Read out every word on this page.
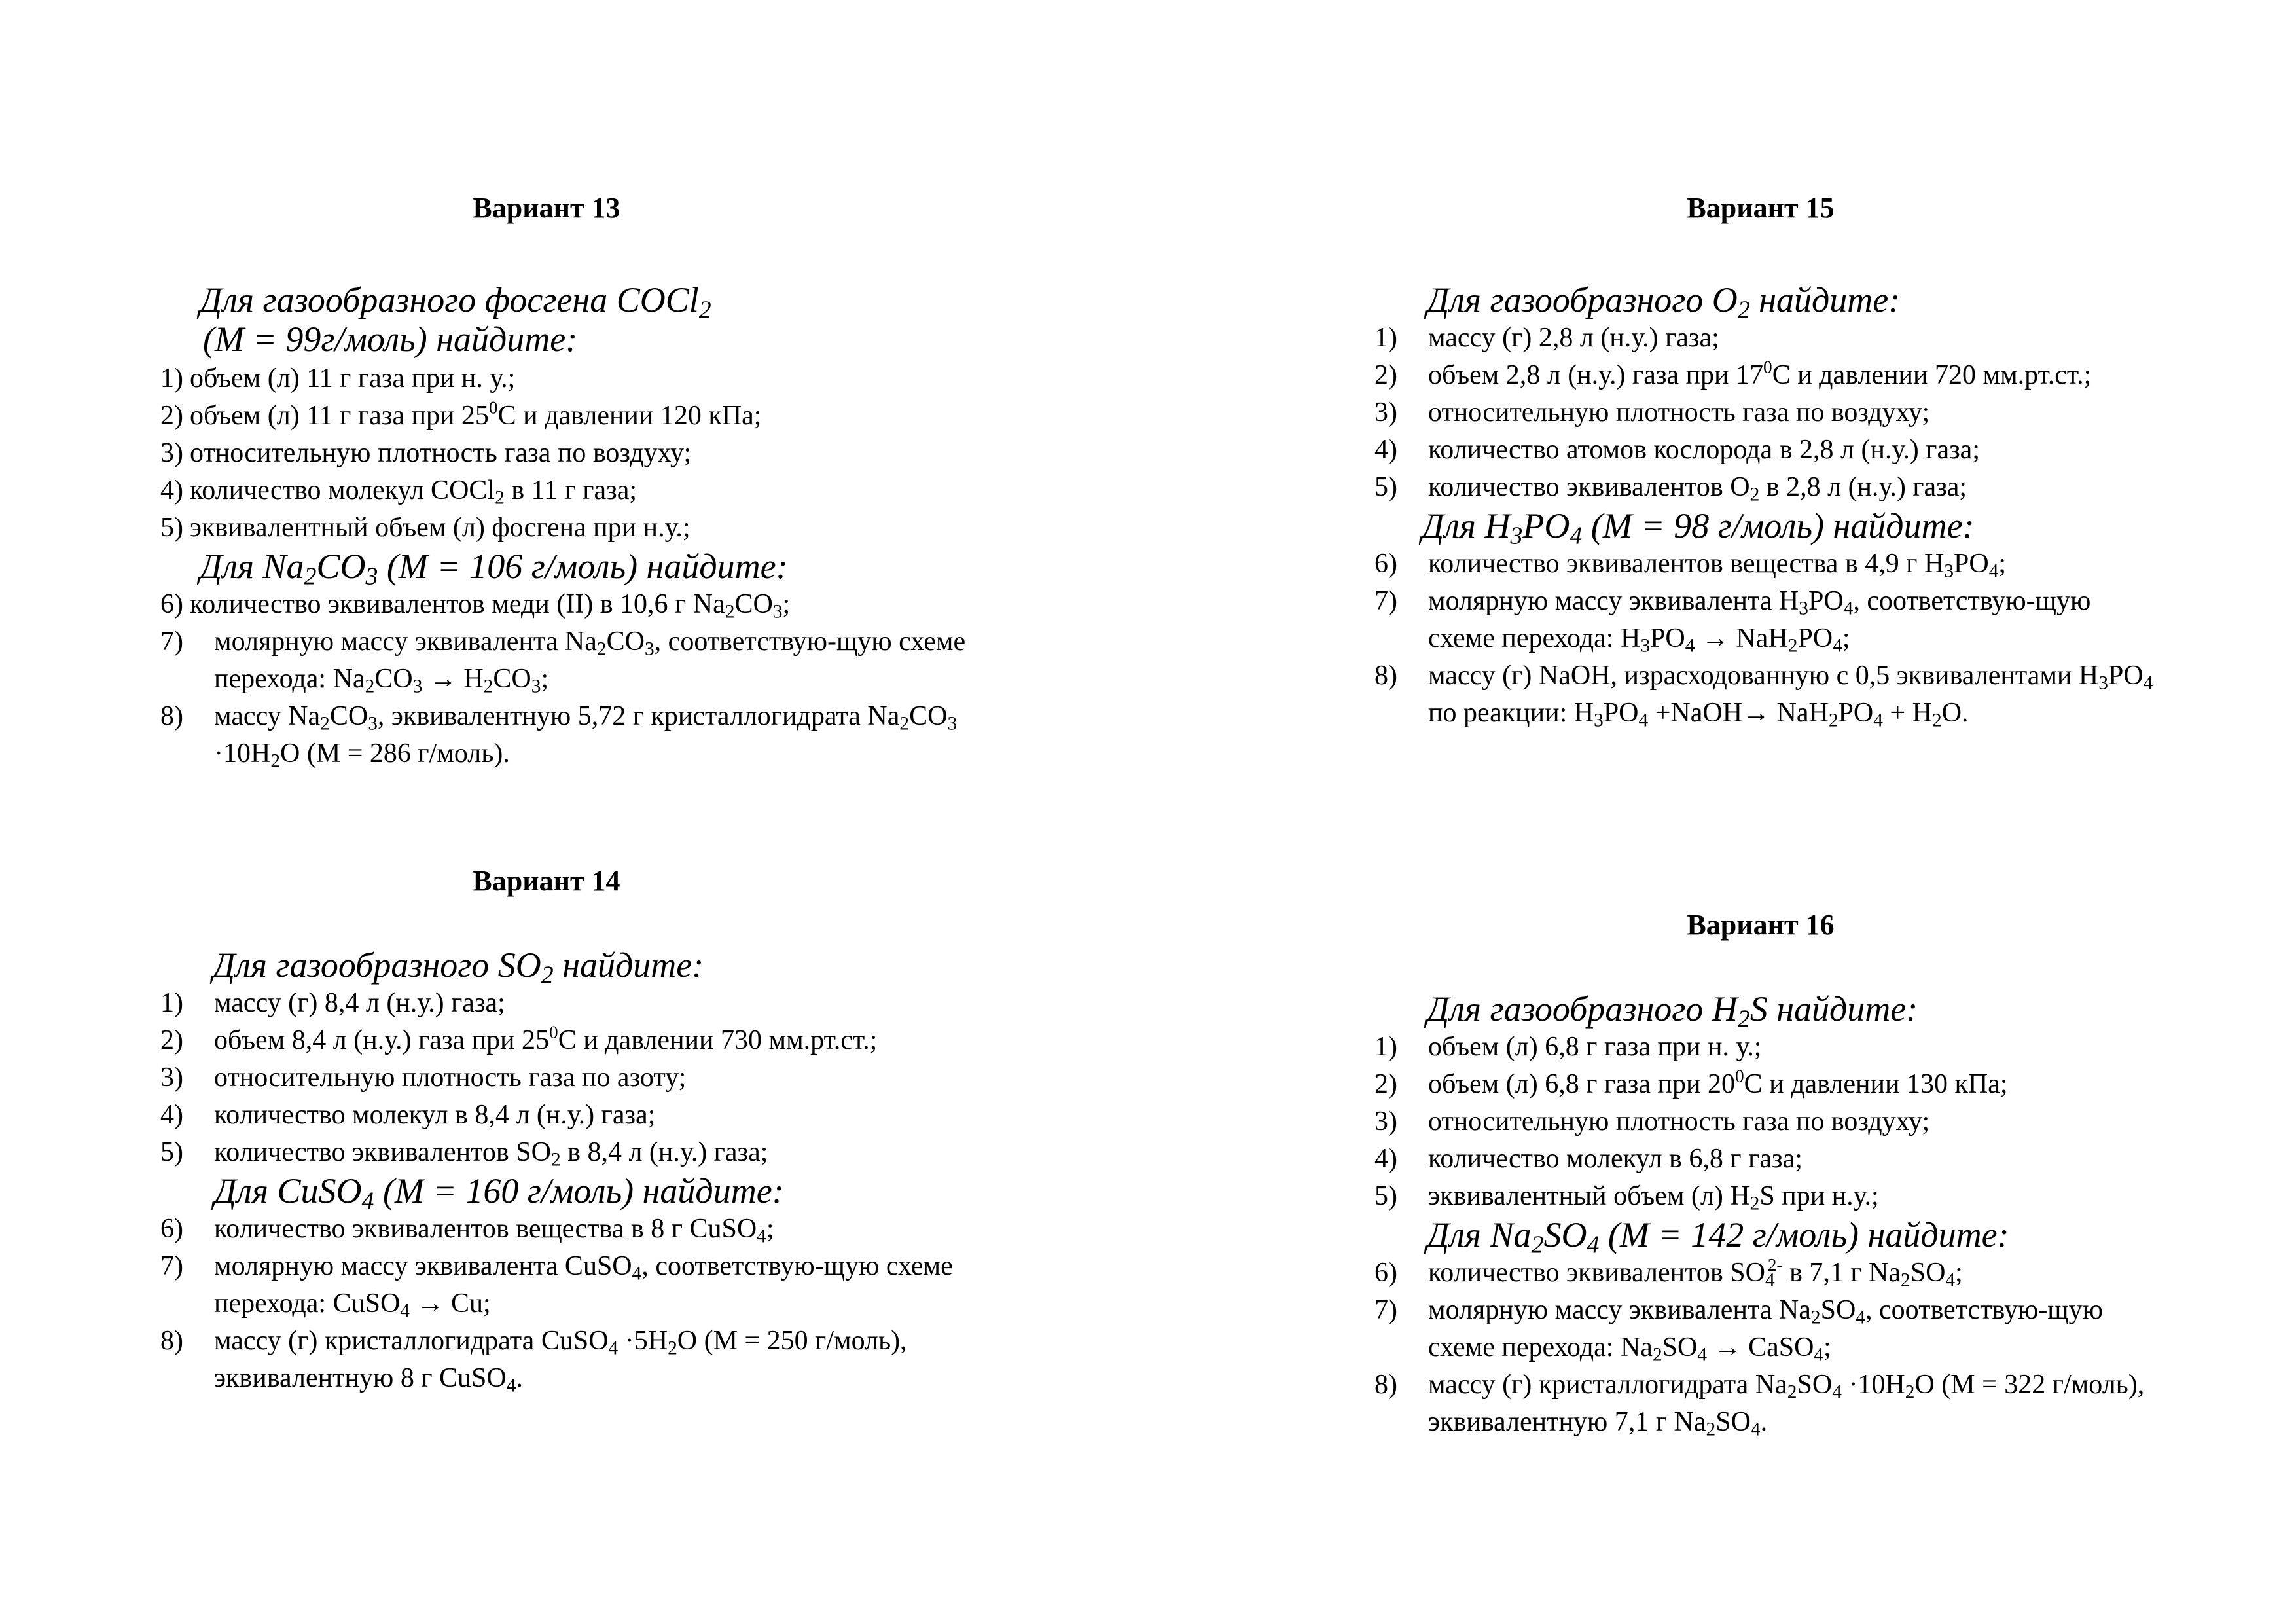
Вариант 13

Для газообразного фосгена COCl$_2$

(М = 99г/моль) найдите:

1) объем (л) 11 г газа при н. у.;
2) объем (л) 11 г газа при $25^0С$ и давлении 120 кПа;
3) относительную плотность газа по воздуху;
4) количество молекул COCl$_2$ в 11 г газа;
5) эквивалентный объем (л) фосгена при н.у.;

Для $Na_2CO_3$ (М = 106 г/моль) найдите:

6) количество эквивалентов меди (II) в 10,6 г $Na_2CO_3$;
7)	молярную массу эквивалента $Na_2CO_3$, соответствую-щую схеме перехода: $Na_2CO_3 \to H_2CO_3$;
8)	массу $Na_2CO_3$, эквивалентную 5,72 г кристаллогидрата $Na_2CO_3 \cdot 10H_2O$ (М = 286 г/моль).
Вариант 14

Для газообразного $SO_2$ найдите:

1)	массу (г) 8,4 л (н.у.) газа;
2)	объем 8,4 л (н.у.) газа при $25^0С$ и давлении 730 мм.рт.ст.;
3)	относительную плотность газа по азоту;
4)	количество молекул в 8,4 л (н.у.) газа;
5)	количество эквивалентов $SO_2$ в 8,4 л (н.у.) газа;

Для CuSO$_4$ (М = 160 г/моль) найдите:

6)	количество эквивалентов вещества в 8 г CuSO$_4$;
7)	молярную массу эквивалента CuSO$_4$, соответствую-щую схеме перехода: CuSO$_4$ → Cu;
8)	массу (г) кристаллогидрата CuSO$_4$ $\cdot 5H_2O$ (М = 250 г/моль), эквивалентную 8 г CuSO$_4$.
Вариант 15

Для газообразного $O_2$ найдите:

1)	массу (г) 2,8 л (н.у.) газа;
2)	объем 2,8 л (н.у.) газа при $17^0С$ и давлении 720 мм.рт.ст.;
3)	относительную плотность газа по воздуху;
4)	количество атомов кослорода в 2,8 л (н.у.) газа;
5)	количество эквивалентов $O_2$ в 2,8 л (н.у.) газа;

Для $H_3PO_4$ (М = 98 г/моль) найдите:

6)	количество эквивалентов вещества в 4,9 г $H_3PO_4$;
7)	молярную массу эквивалента $H_3PO_4$, соответствую-щую схеме перехода: $H_3PO_4 \to NaH_2PO_4$;
8)	массу (г) NaOH, израсходованную с 0,5 эквивалентами $H_3PO_4$ по реакции: $H_3PO_4$ +NaOH→ $NaH_2PO_4 + H_2O$.
Вариант 16

Для газообразного $H_2S$ найдите:

1)	объем (л) 6,8 г газа при н. у.;
2)	объем (л) 6,8 г газа при $20^0С$ и давлении 130 кПа;
3)	относительную плотность газа по воздуху;
4)	количество молекул в 6,8 г газа;
5)	эквивалентный объем (л) $H_2S$ при н.у.;

Для $Na_2SO_4$ (М = 142 г/моль) найдите:

6)	количество эквивалентов $SO_4^{2-}$ в 7,1 г $Na_2SO_4$;
7)	молярную массу эквивалента $Na_2SO_4$, соответствую-щую схеме перехода: $Na_2SO_4$ → CaSO$_4$;
8)	массу (г) кристаллогидрата $Na_2SO_4 \cdot 10H_2O$ (М = 322 г/моль), эквивалентную 7,1 г $Na_2SO_4$.
